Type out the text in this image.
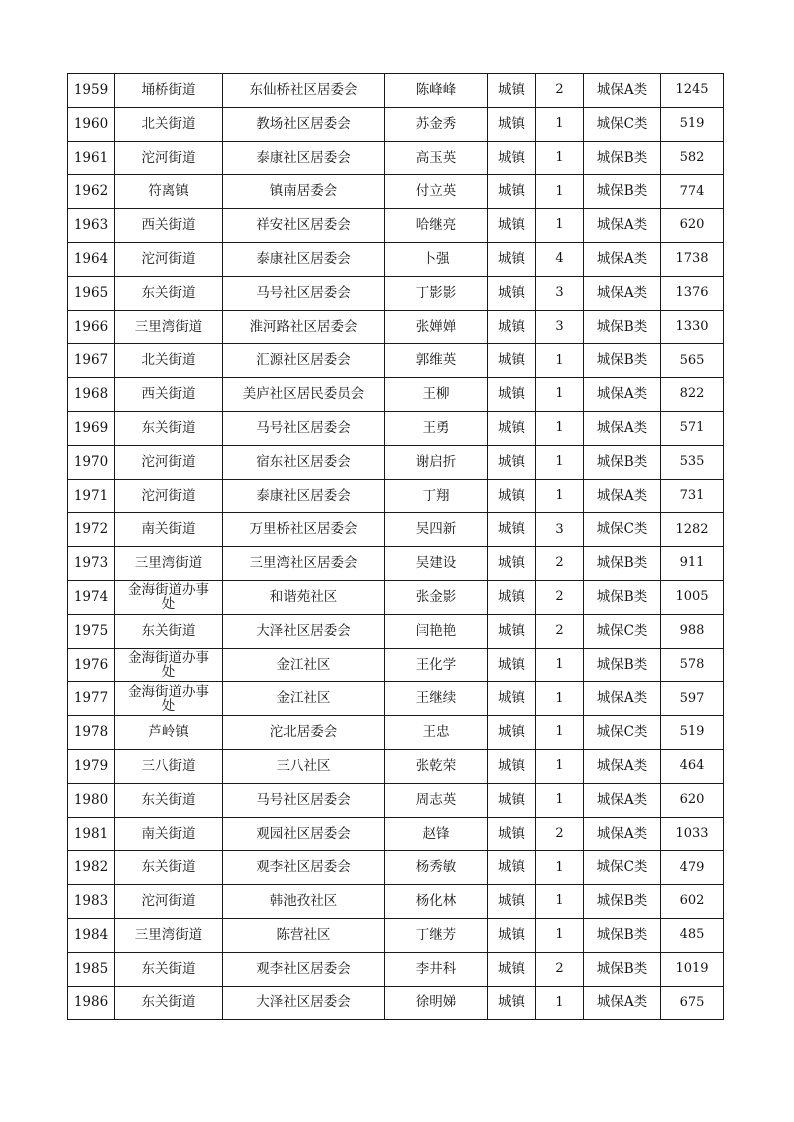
1959	埇桥街道	东仙桥社区居委会	陈峰峰	城镇	2	城保A类	1245
1960	北关街道	教场社区居委会	苏金秀	城镇	1	城保C类	519
1961	沱河街道	泰康社区居委会	高玉英	城镇	1	城保B类	582
1962	符离镇	镇南居委会	付立英	城镇	1	城保B类	774
1963	西关街道	祥安社区居委会	哈继亮	城镇	1	城保A类	620
1964	沱河街道	泰康社区居委会	卜强	城镇	4	城保A类	1738
1965	东关街道	马号社区居委会	丁影影	城镇	3	城保A类	1376
1966	三里湾街道	淮河路社区居委会	张婵婵	城镇	3	城保B类	1330
1967	北关街道	汇源社区居委会	郭维英	城镇	1	城保B类	565
1968	西关街道	美庐社区居民委员会	王柳	城镇	1	城保A类	822
1969	东关街道	马号社区居委会	王勇	城镇	1	城保A类	571
1970	沱河街道	宿东社区居委会	谢启折	城镇	1	城保B类	535
1971	沱河街道	泰康社区居委会	丁翔	城镇	1	城保A类	731
1972	南关街道	万里桥社区居委会	吴四新	城镇	3	城保C类	1282
1973	三里湾街道	三里湾社区居委会	吴建设	城镇	2	城保B类	911
1974	金海街道办事处	和谐苑社区	张金影	城镇	2	城保B类	1005
1975	东关街道	大泽社区居委会	闫艳艳	城镇	2	城保C类	988
1976	金海街道办事处	金江社区	王化学	城镇	1	城保B类	578
1977	金海街道办事处	金江社区	王继续	城镇	1	城保A类	597
1978	芦岭镇	沱北居委会	王忠	城镇	1	城保C类	519
1979	三八街道	三八社区	张乾荣	城镇	1	城保A类	464
1980	东关街道	马号社区居委会	周志英	城镇	1	城保A类	620
1981	南关街道	观园社区居委会	赵锋	城镇	2	城保A类	1033
1982	东关街道	观李社区居委会	杨秀敏	城镇	1	城保C类	479
1983	沱河街道	韩池孜社区	杨化林	城镇	1	城保B类	602
1984	三里湾街道	陈营社区	丁继芳	城镇	1	城保B类	485
1985	东关街道	观李社区居委会	李井科	城镇	2	城保B类	1019
1986	东关街道	大泽社区居委会	徐明娣	城镇	1	城保A类	675
